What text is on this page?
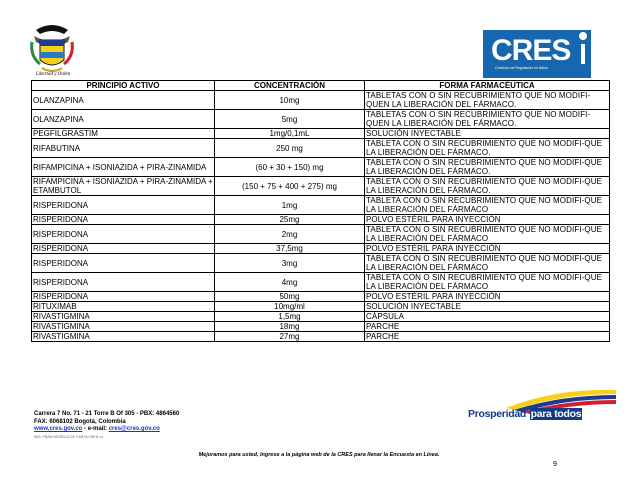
Libertad y Orden
CRES
Comisión de Regulación en Salud
PRINCIPIO ACTIVO	CONCENTRACIÓN	FORMA FARMACÉUTICA
OLANZAPINA	10mg	TABLETAS CON O SIN RECUBRIMIENTO QUE NO MODIFI-QUEN LA LIBERACIÓN DEL FÁRMACO.
OLANZAPINA	5mg	TABLETAS CON O SIN RECUBRIMIENTO QUE NO MODIFI-QUEN LA LIBERACIÓN DEL FÁRMACO.
PEGFILGRASTIM	1mg/0,1mL	SOLUCIÓN INYECTABLE
RIFABUTINA	250 mg	TABLETA CON O SIN RECUBRIMIENTO QUE NO MODIFI-QUE LA LIBERACIÓN DEL FÁRMACO.
RIFAMPICINA + ISONIAZIDA + PIRA-ZINAMIDA	(60 + 30 + 150) mg	TABLETA CON O SIN RECUBRIMIENTO QUE NO MODIFI-QUE LA LIBERACIÓN DEL FÁRMACO.
RIFAMPICINA + ISONIAZIDA + PIRA-ZINAMIDA + ETAMBUTOL	(150 + 75 + 400 + 275) mg	TABLETA CON O SIN RECUBRIMIENTO QUE NO MODIFI-QUE LA LIBERACIÓN DEL FÁRMACO.
RISPERIDONA	1mg	TABLETA CON O SIN RECUBRIMIENTO QUE NO MODIFI-QUE LA LIBERACIÓN DEL FÁRMACO
RISPERIDONA	25mg	POLVO ESTÉRIL PARA INYECCIÓN
RISPERIDONA	2mg	TABLETA CON O SIN RECUBRIMIENTO QUE NO MODIFI-QUE LA LIBERACIÓN DEL FÁRMACO
RISPERIDONA	37,5mg	POLVO ESTÉRIL PARA INYECCIÓN
RISPERIDONA	3mg	TABLETA CON O SIN RECUBRIMIENTO QUE NO MODIFI-QUE LA LIBERACIÓN DEL FÁRMACO
RISPERIDONA	4mg	TABLETA CON O SIN RECUBRIMIENTO QUE NO MODIFI-QUE LA LIBERACIÓN DEL FÁRMACO
RISPERIDONA	50mg	POLVO ESTÉRIL PARA INYECCIÓN
RITUXIMAB	10mg/ml	SOLUCIÓN INYECTABLE
RIVASTIGMINA	1,5mg	CÁPSULA
RIVASTIGMINA	18mg	PARCHE
RIVASTIGMINA	27mg	PARCHE
Carrera 7 No. 71 - 21 Torre B Of 305 - PBX: 4864560
FAX: 6068102 Bogotá, Colombia
www.cres.gov.co - e-mail: cres@cres.gov.co
IMG: PBAIN MODELO DE CARTA CRES v.x
Prosperidad para todos
Mejoramos para usted, Ingrese a la página web de la CRES para llenar la Encuesta en Línea.
9
